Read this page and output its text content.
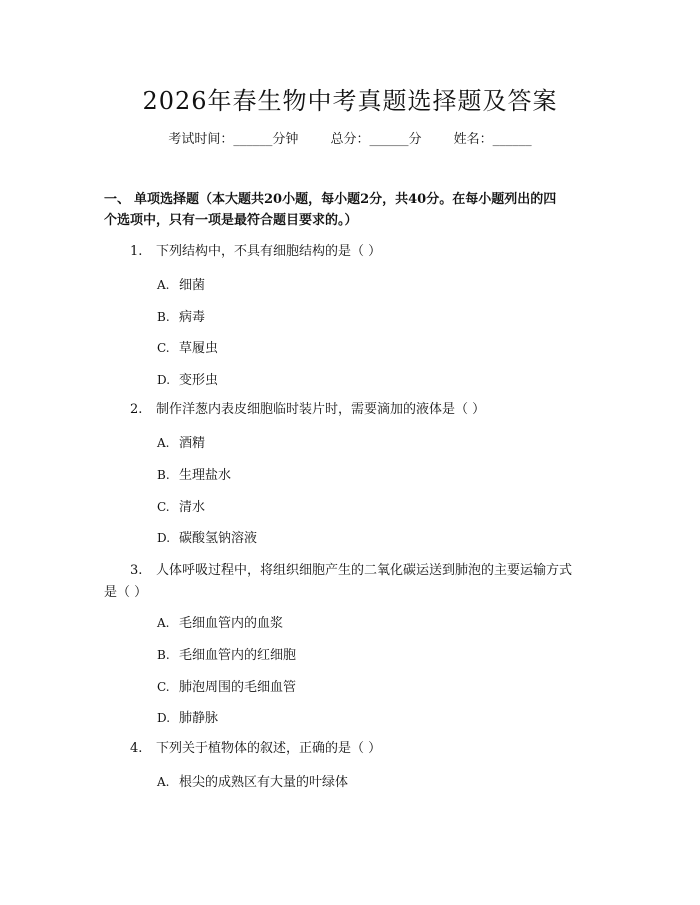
2026年春生物中考真题选择题及答案
考试时间：______分钟 总分：______分 姓名：______
一、 单项选择题（本大题共20小题，每小题2分，共40分。在每小题列出的四
个选项中，只有一项是最符合题目要求的。）
1. 下列结构中，不具有细胞结构的是（ ）
A. 细菌
B. 病毒
C. 草履虫
D. 变形虫
2. 制作洋葱内表皮细胞临时装片时，需要滴加的液体是（ ）
A. 酒精
B. 生理盐水
C. 清水
D. 碳酸氢钠溶液
3. 人体呼吸过程中，将组织细胞产生的二氧化碳运送到肺泡的主要运输方式
是（ ）
A. 毛细血管内的血浆
B. 毛细血管内的红细胞
C. 肺泡周围的毛细血管
D. 肺静脉
4. 下列关于植物体的叙述，正确的是（ ）
A. 根尖的成熟区有大量的叶绿体
